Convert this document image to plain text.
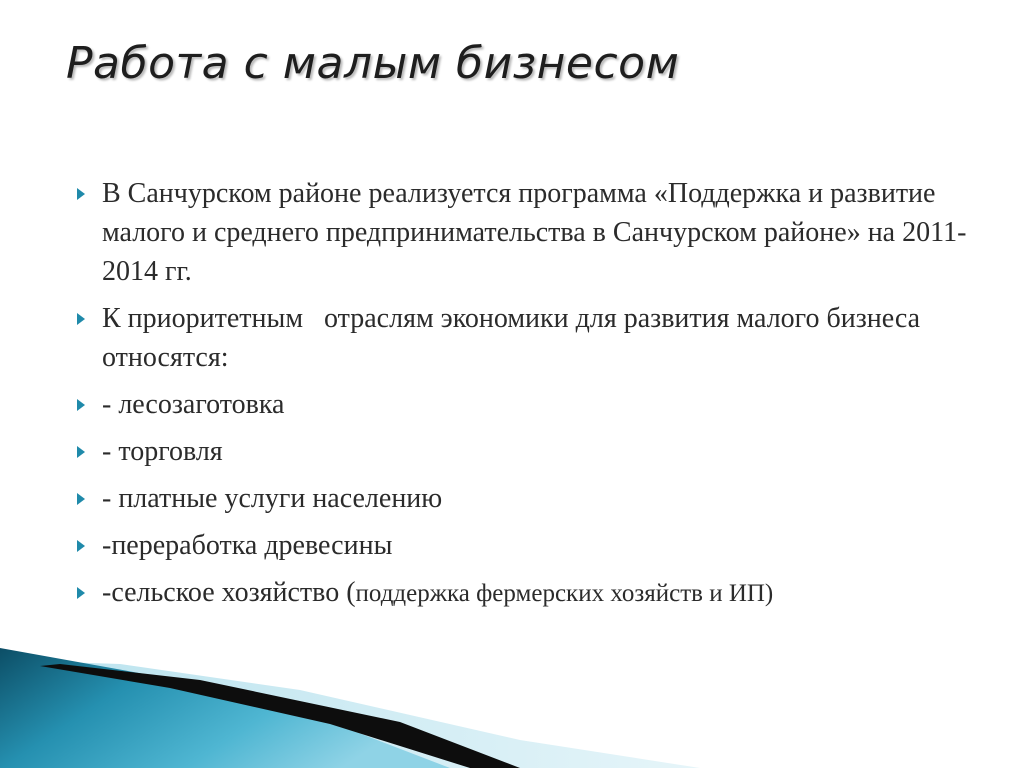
Работа с малым бизнесом
В Санчурском районе реализуется программа «Поддержка и развитие малого и среднего предпринимательства в Санчурском районе» на 2011-2014 гг.
К приоритетным   отраслям экономики для развития малого бизнеса относятся:
- лесозаготовка
- торговля
- платные услуги населению
-переработка древесины
-сельское хозяйство (поддержка фермерских хозяйств и ИП)
